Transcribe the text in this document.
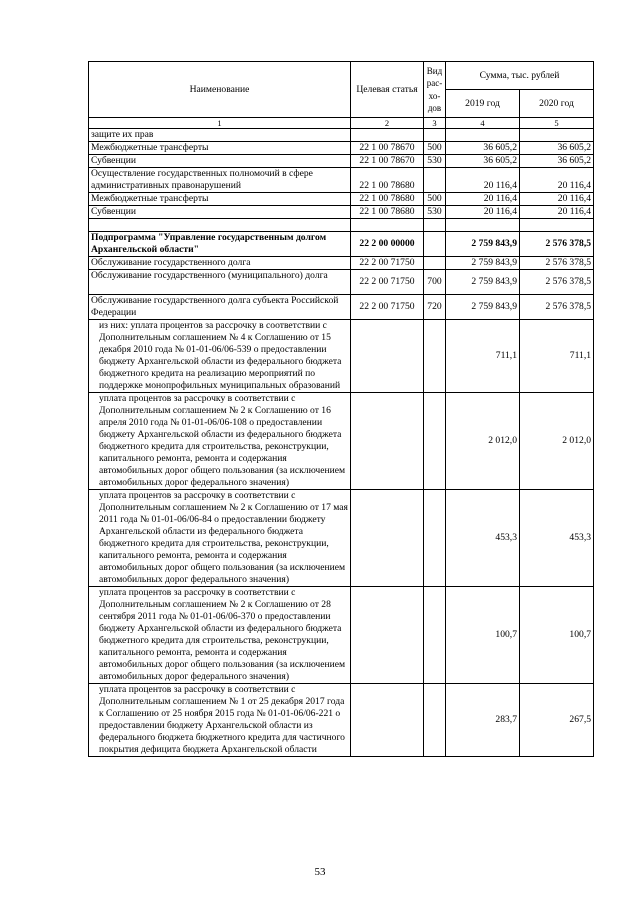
Наименование	Целевая статья	Вид
рас-
хо-
дов	Сумма, тыс. рублей	
			2019 год	2020 год
1	2	3	4	5
защите их прав				
Межбюджетные трансферты	22 1 00 78670	500	36 605,2	36 605,2
Субвенции	22 1 00 78670	530	36 605,2	36 605,2
Осуществление государственных полномочий в сфере административных правонарушений	22 1 00 78680		20 116,4	20 116,4
Межбюджетные трансферты	22 1 00 78680	500	20 116,4	20 116,4
Субвенции	22 1 00 78680	530	20 116,4	20 116,4

Подпрограмма "Управление государственным долгом Архангельской области"	22 2 00 00000		2 759 843,9	2 576 378,5
Обслуживание государственного долга	22 2 00 71750		2 759 843,9	2 576 378,5
Обслуживание государственного (муниципального) долга	22 2 00 71750	700	2 759 843,9	2 576 378,5
Обслуживание государственного долга субъекта Российской Федерации	22 2 00 71750	720	2 759 843,9	2 576 378,5
из них: уплата процентов за рассрочку в соответствии с Дополнительным соглашением № 4 к Соглашению от 15 декабря 2010 года № 01-01-06/06-539 о предоставлении бюджету Архангельской области из федерального бюджета бюджетного кредита на реализацию мероприятий по поддержке монопрофильных муниципальных образований			711,1	711,1
уплата процентов за рассрочку в соответствии с Дополнительным соглашением № 2 к Соглашению от 16 апреля 2010 года № 01-01-06/06-108 о предоставлении бюджету Архангельской области из федерального бюджета бюджетного кредита для строительства, реконструкции, капитального ремонта, ремонта и содержания автомобильных дорог общего пользования (за исключением автомобильных дорог федерального значения)			2 012,0	2 012,0
уплата процентов за рассрочку в соответствии с Дополнительным соглашением № 2 к Соглашению от 17 мая 2011 года № 01-01-06/06-84 о предоставлении бюджету Архангельской области из федерального бюджета бюджетного кредита для строительства, реконструкции, капитального ремонта, ремонта и содержания автомобильных дорог общего пользования (за исключением автомобильных дорог федерального значения)			453,3	453,3
уплата процентов за рассрочку в соответствии с Дополнительным соглашением № 2 к Соглашению от 28 сентября 2011 года № 01-01-06/06-370 о предоставлении бюджету Архангельской области из федерального бюджета бюджетного кредита для строительства, реконструкции, капитального ремонта, ремонта и содержания автомобильных дорог общего пользования (за исключением автомобильных дорог федерального значения)			100,7	100,7
уплата процентов за рассрочку в соответствии с Дополнительным соглашением № 1 от 25 декабря 2017 года к Соглашению от 25 ноября 2015 года № 01-01-06/06-221 о предоставлении бюджету Архангельской области из федерального бюджета бюджетного кредита для частичного покрытия дефицита бюджета Архангельской области			283,7	267,5
53
